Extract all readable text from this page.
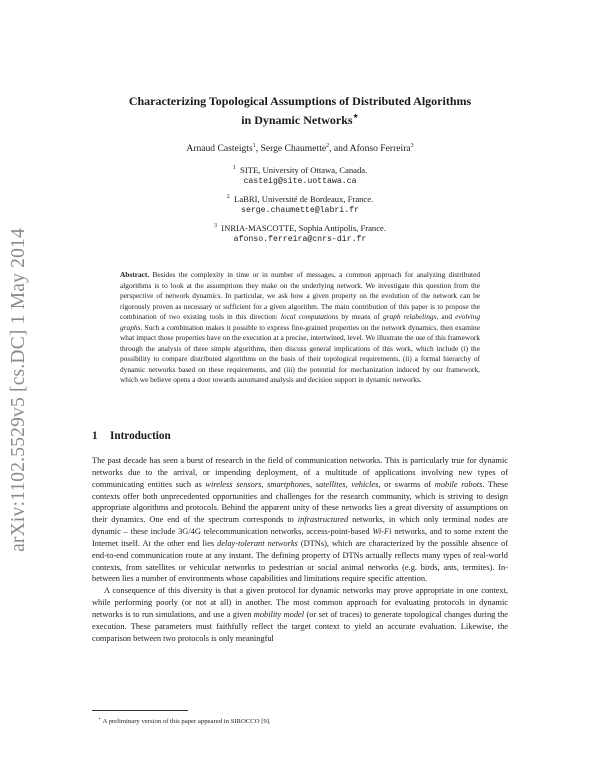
arXiv:1102.5529v5 [cs.DC] 1 May 2014
Characterizing Topological Assumptions of Distributed Algorithms
in Dynamic Networks⋆
Arnaud Casteigts$^1$, Serge Chaumette$^2$, and Afonso Ferreira$^3$
$^1$ SITE, University of Ottawa, Canada.
casteig@site.uottawa.ca
$^2$ LaBRI, Université de Bordeaux, France.
serge.chaumette@labri.fr
$^3$ INRIA-MASCOTTE, Sophia Antipolis, France.
afonso.ferreira@cnrs-dir.fr
Abstract. Besides the complexity in time or in number of messages, a common approach for analyzing distributed algorithms is to look at the assumptions they make on the underlying network. We investigate this question from the perspective of network dynamics. In particular, we ask how a given property on the evolution of the network can be rigorously proven as necessary or sufficient for a given algorithm. The main contribution of this paper is to propose the combination of two existing tools in this direction: local computations by means of graph relabelings, and evolving graphs. Such a combination makes it possible to express fine-grained properties on the network dynamics, then examine what impact those properties have on the execution at a precise, intertwined, level. We illustrate the use of this framework through the analysis of three simple algorithms, then discuss general implications of this work, which include (i) the possibility to compare distributed algorithms on the basis of their topological requirements, (ii) a formal hierarchy of dynamic networks based on these requirements, and (iii) the potential for mechanization induced by our framework, which we believe opens a door towards automated analysis and decision support in dynamic networks.
1 Introduction

The past decade has seen a burst of research in the field of communication networks. This is particularly true for dynamic networks due to the arrival, or impending deployment, of a multitude of applications involving new types of communicating entities such as wireless sensors, smartphones, satellites, vehicles, or swarms of mobile robots. These contexts offer both unprecedented opportunities and challenges for the research community, which is striving to design appropriate algorithms and protocols. Behind the apparent unity of these networks lies a great diversity of assumptions on their dynamics. One end of the spectrum corresponds to infrastructured networks, in which only terminal nodes are dynamic – these include 3G/4G telecommunication networks, access-point-based Wi-Fi networks, and to some extent the Internet itself. At the other end lies delay-tolerant networks (DTNs), which are characterized by the possible absence of end-to-end communication route at any instant. The defining property of DTNs actually reflects many types of real-world contexts, from satellites or vehicular networks to pedestrian or social animal networks (e.g. birds, ants, termites). In-between lies a number of environments whose capabilities and limitations require specific attention.

A consequence of this diversity is that a given protocol for dynamic networks may prove appropriate in one context, while performing poorly (or not at all) in another. The most common approach for evaluating protocols in dynamic networks is to run simulations, and use a given mobility model (or set of traces) to generate topological changes during the execution. These parameters must faithfully reflect the target context to yield an accurate evaluation. Likewise, the comparison between two protocols is only meaningful

⋆ A preliminary version of this paper appeared in SIROCCO [9].
